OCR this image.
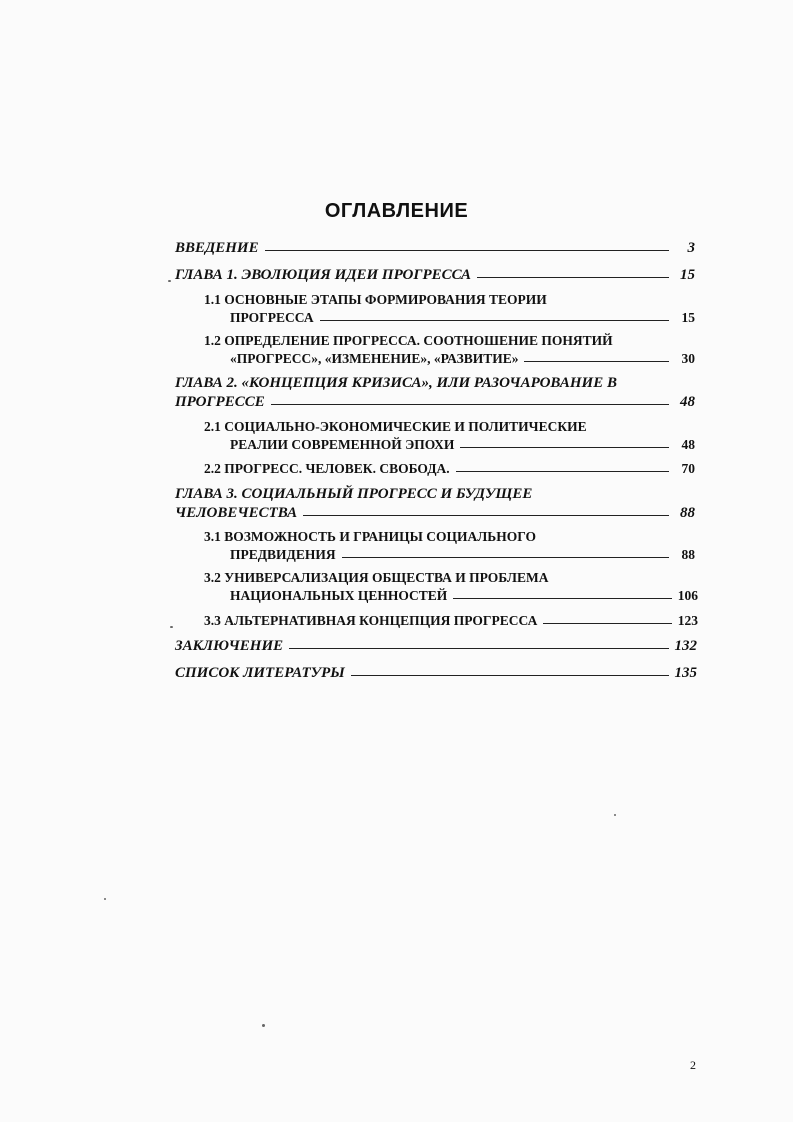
ОГЛАВЛЕНИЕ
ВВЕДЕНИЕ	3
ГЛАВА 1. ЭВОЛЮЦИЯ ИДЕИ ПРОГРЕССА	15
1.1 ОСНОВНЫЕ ЭТАПЫ ФОРМИРОВАНИЯ ТЕОРИИ
ПРОГРЕССА	15
1.2 ОПРЕДЕЛЕНИЕ ПРОГРЕССА. СООТНОШЕНИЕ ПОНЯТИЙ
«ПРОГРЕСС», «ИЗМЕНЕНИЕ», «РАЗВИТИЕ»	30
ГЛАВА 2. «КОНЦЕПЦИЯ КРИЗИСА», ИЛИ РАЗОЧАРОВАНИЕ В
ПРОГРЕССЕ	48
2.1 СОЦИАЛЬНО-ЭКОНОМИЧЕСКИЕ И ПОЛИТИЧЕСКИЕ
РЕАЛИИ СОВРЕМЕННОЙ ЭПОХИ	48
2.2 ПРОГРЕСС. ЧЕЛОВЕК. СВОБОДА.	70
ГЛАВА 3. СОЦИАЛЬНЫЙ ПРОГРЕСС И БУДУЩЕЕ
ЧЕЛОВЕЧЕСТВА	88
3.1 ВОЗМОЖНОСТЬ И ГРАНИЦЫ СОЦИАЛЬНОГО
ПРЕДВИДЕНИЯ	88
3.2 УНИВЕРСАЛИЗАЦИЯ ОБЩЕСТВА И ПРОБЛЕМА
НАЦИОНАЛЬНЫХ ЦЕННОСТЕЙ	106
3.3 АЛЬТЕРНАТИВНАЯ КОНЦЕПЦИЯ ПРОГРЕССА	123
ЗАКЛЮЧЕНИЕ	132
СПИСОК ЛИТЕРАТУРЫ	135
2
